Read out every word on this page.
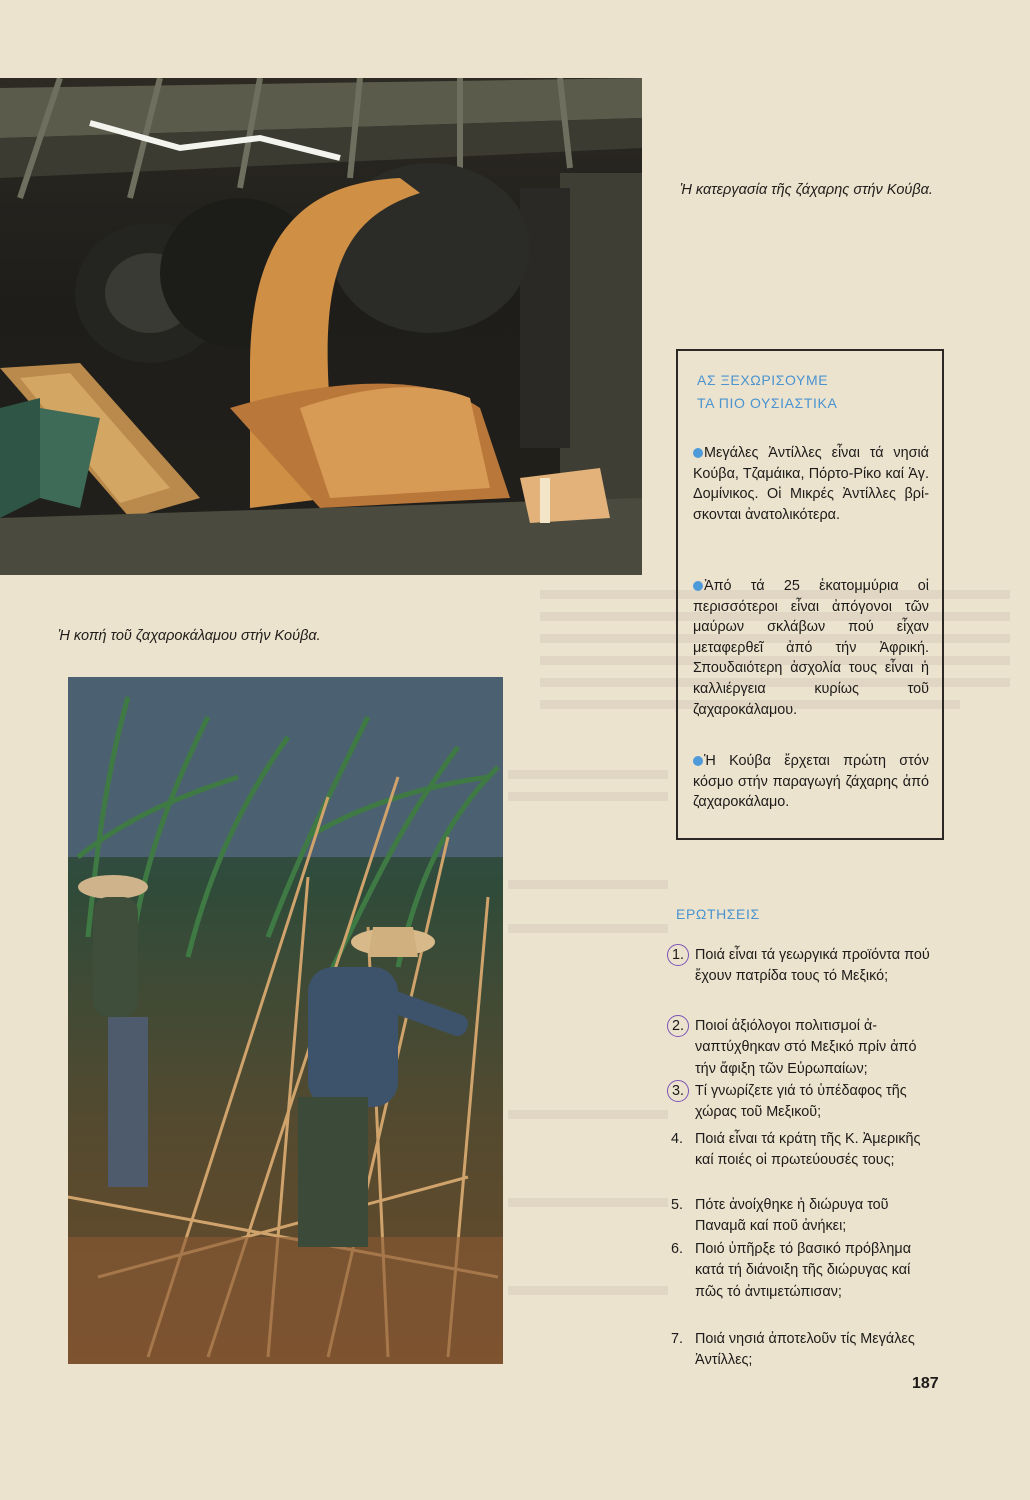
Ἡ κατεργασία τῆς ζάχαρης στήν Κούβα.
Ἡ κοπή τοῦ ζαχαροκάλαμου στήν Κούβα.
ΑΣ ΞΕΧΩΡΙΣΟΥΜΕ
ΤΑ ΠΙΟ ΟΥΣΙΑΣΤΙΚΑ
Μεγάλες Ἀντίλλες εἶναι τά νησιά Κούβα, Τζαμάικα, Πόρτο-Ρίκο καί Ἁγ. Δομίνικος. Οἱ Μικρές Ἀντίλλες βρίσκονται ἀνατολικότερα.
Ἀπό τά 25 ἑκατομμύρια οἱ περισσότεροι εἶναι ἀπόγονοι τῶν μαύρων σκλάβων πού εἶχαν μεταφερθεῖ ἀπό τήν Ἀφρική. Σπουδαιότερη ἀσχολία τους εἶναι ἡ καλλιέργεια κυρίως τοῦ ζαχαροκάλαμου.
Ἡ Κούβα ἔρχεται πρώτη στόν κόσμο στήν παραγωγή ζάχαρης ἀπό ζαχαροκάλαμο.
ΕΡΩΤΗΣΕΙΣ
1. Ποιά εἶναι τά γεωργικά προϊόντα πού ἔχουν πατρίδα τους τό Μεξικό;
2. Ποιοί ἀξιόλογοι πολιτισμοί ἀναπτύχθηκαν στό Μεξικό πρίν ἀπό τήν ἄφιξη τῶν Εὐρωπαίων;
3. Τί γνωρίζετε γιά τό ὑπέδαφος τῆς χώρας τοῦ Μεξικοῦ;
4. Ποιά εἶναι τά κράτη τῆς Κ. Ἀμερικῆς καί ποιές οἱ πρωτεύουσές τους;
5. Πότε ἀνοίχθηκε ἡ διώρυγα τοῦ Παναμᾶ καί ποῦ ἀνήκει;
6. Ποιό ὑπῆρξε τό βασικό πρόβλημα κατά τή διάνοιξη τῆς διώρυγας καί πῶς τό ἀντιμετώπισαν;
7. Ποιά νησιά ἀποτελοῦν τίς Μεγάλες Ἀντίλλες;
187
